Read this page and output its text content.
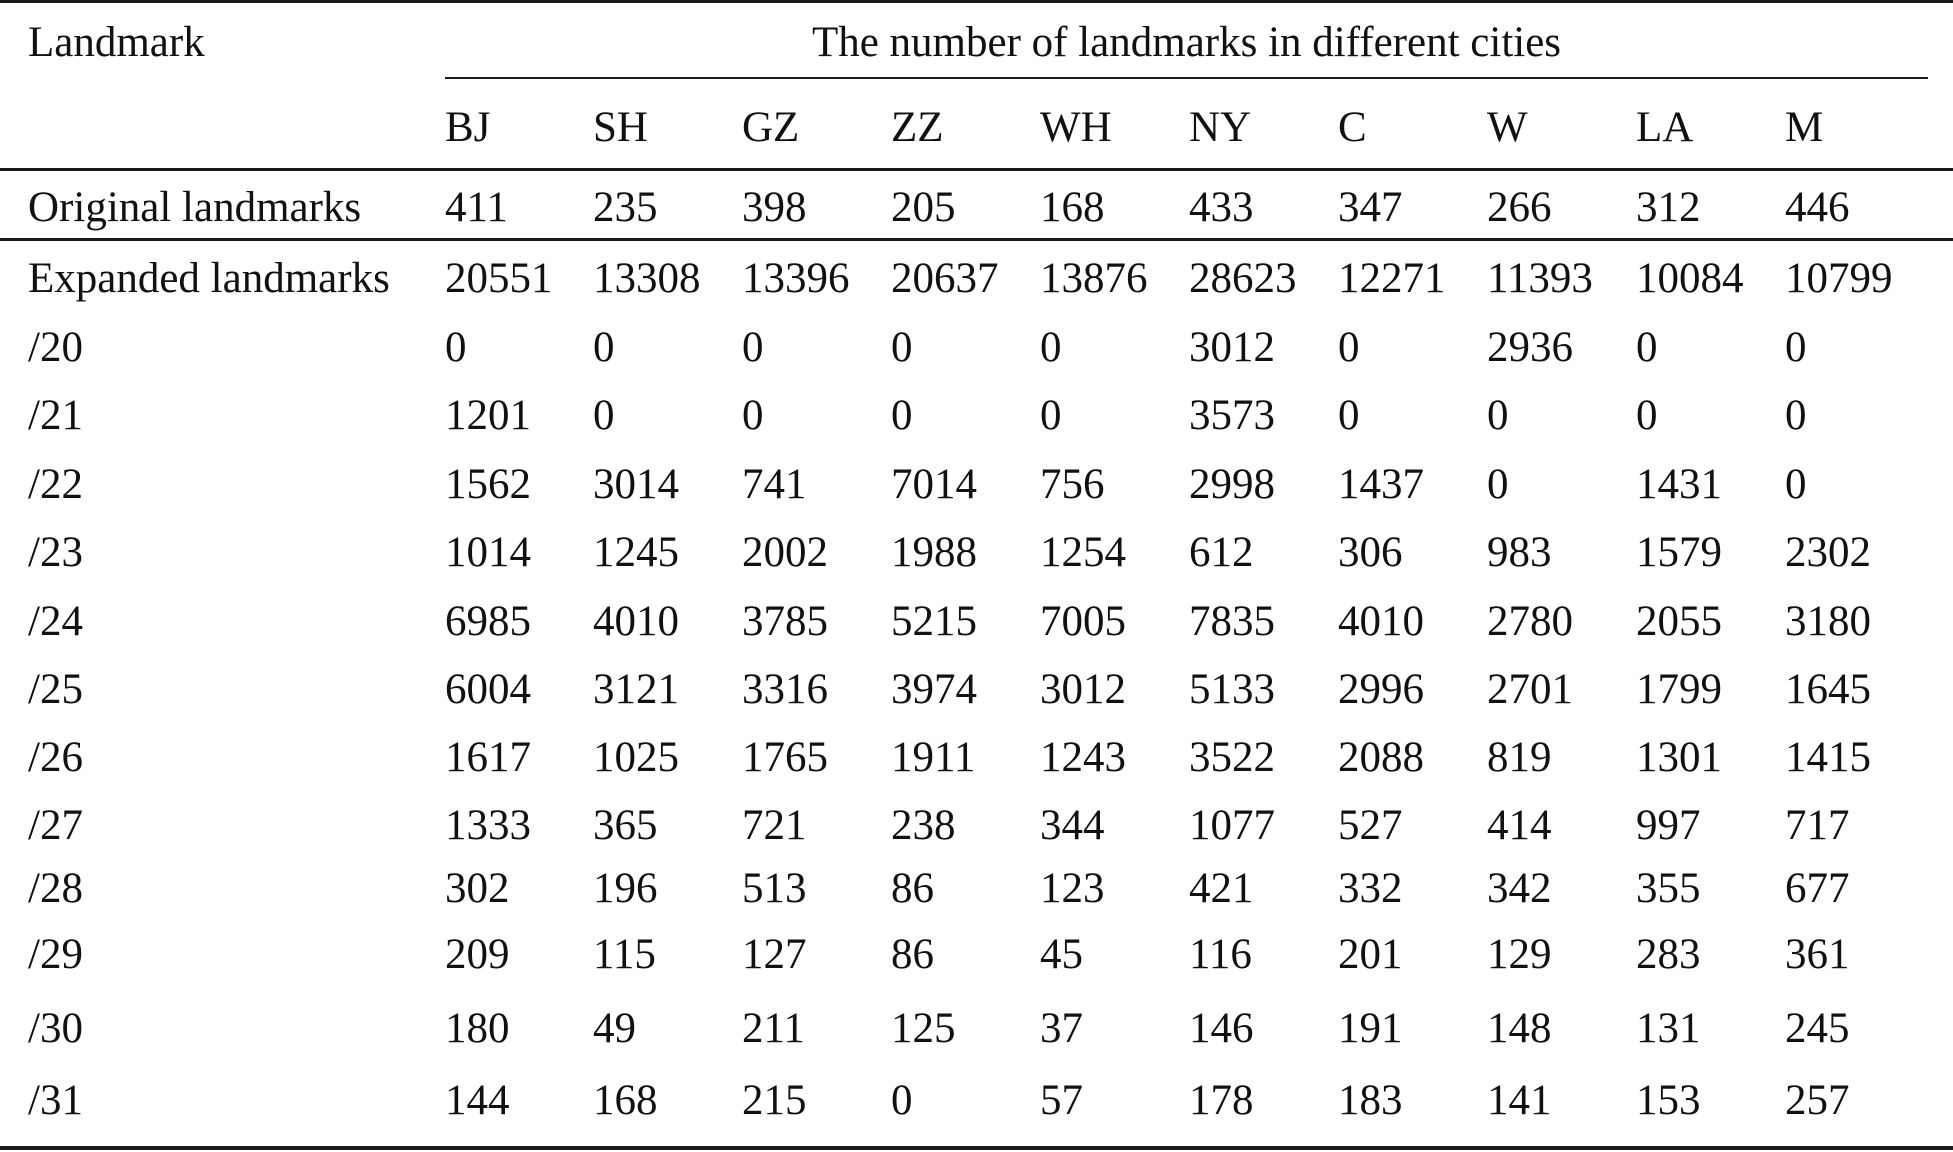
Landmark	The number of landmarks in different cities
BJ SH GZ ZZ WH NY C	W	LA M
Original landmarks 411 235 398 205 168 433 347 266 312 446
Expanded landmarks 20551 13308 13396 20637 13876 28623 12271 11393 10084 10799
/20	0	0	0	0	0	3012 0	2936 0	0
/21	1201 0	0	0	0	3573 0	0	0	0
/22	1562 3014 741 7014 756 2998 1437 0	1431 0
/23	1014 1245 2002 1988 1254 612 306 983 1579 2302
/24	6985 4010 3785 5215 7005 7835 4010 2780 2055 3180
/25	6004 3121 3316 3974 3012 5133 2996 2701 1799 1645
/26	1617 1025 1765 1911 1243 3522 2088 819 1301 1415
/27	1333 365 721 238 344 1077 527 414 997 717
/28	302 196 513 86 123 421 332 342 355 677
/29	209 115 127 86 45 116 201 129 283 361
/30	180 49 211 125 37 146 191 148 131 245
/31	144 168 215 0	57 178 183 141 153 257
